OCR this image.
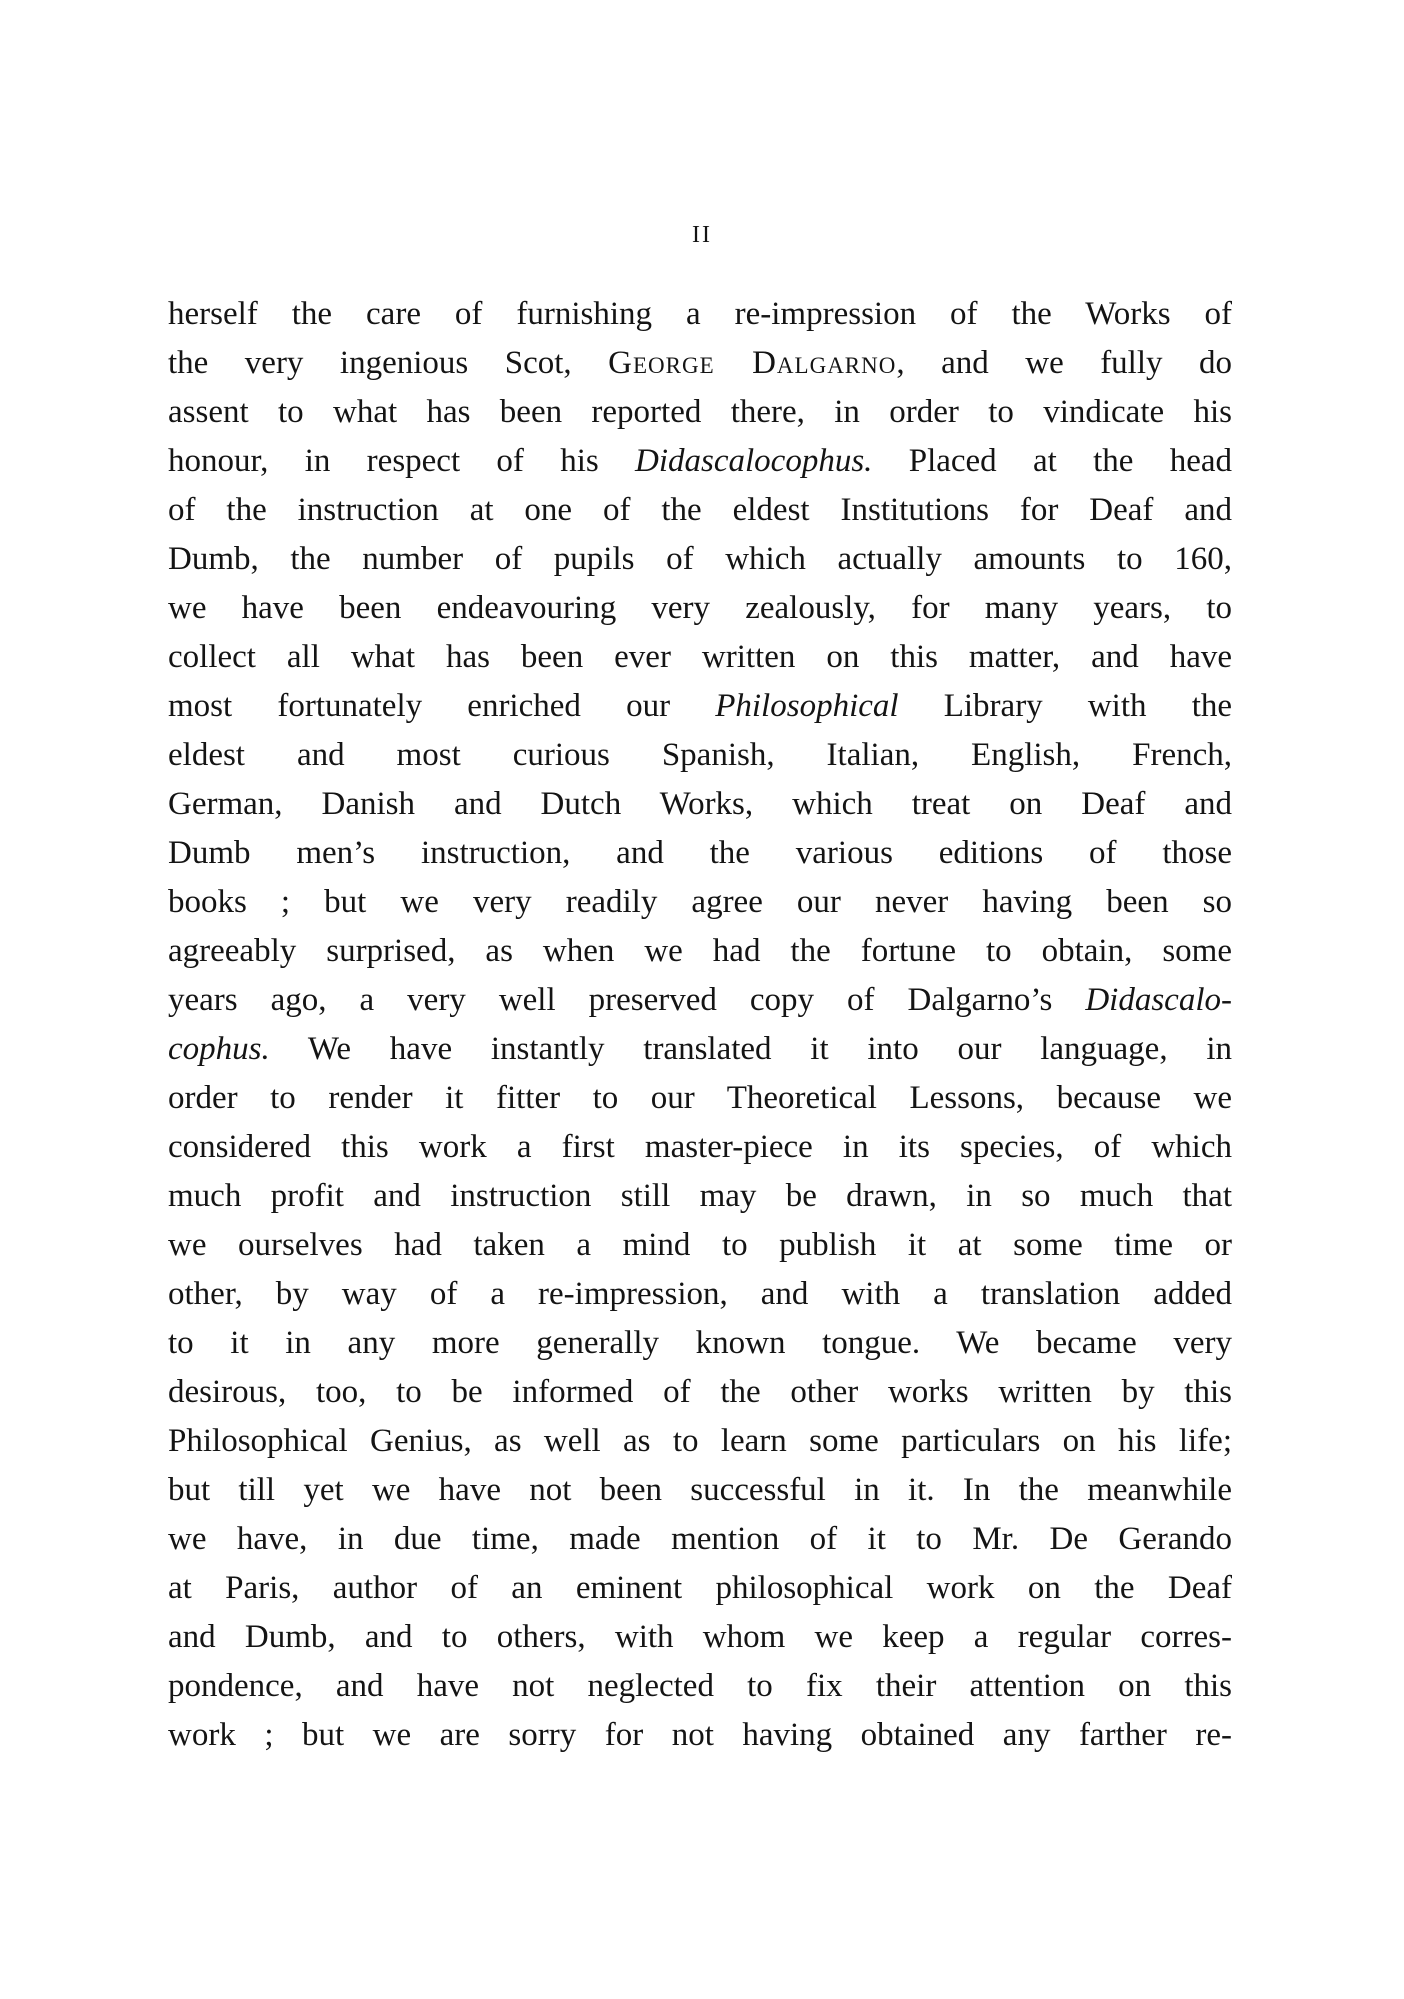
II
herself the care of furnishing a re-impression of the Works of
the very ingenious Scot, George Dalgarno, and we fully do
assent to what has been reported there, in order to vindicate his
honour, in respect of his Didascalocophus. Placed at the head
of the instruction at one of the eldest Institutions for Deaf and
Dumb, the number of pupils of which actually amounts to 160,
we have been endeavouring very zealously, for many years, to
collect all what has been ever written on this matter, and have
most fortunately enriched our Philosophical Library with the
eldest and most curious Spanish, Italian, English, French,
German, Danish and Dutch Works, which treat on Deaf and
Dumb men’s instruction, and the various editions of those
books ; but we very readily agree our never having been so
agreeably surprised, as when we had the fortune to obtain, some
years ago, a very well preserved copy of Dalgarno’s Didascalo-
cophus. We have instantly translated it into our language, in
order to render it fitter to our Theoretical Lessons, because we
considered this work a first master-piece in its species, of which
much profit and instruction still may be drawn, in so much that
we ourselves had taken a mind to publish it at some time or
other, by way of a re-impression, and with a translation added
to it in any more generally known tongue. We became very
desirous, too, to be informed of the other works written by this
Philosophical Genius, as well as to learn some particulars on his life;
but till yet we have not been successful in it. In the meanwhile
we have, in due time, made mention of it to Mr. De Gerando
at Paris, author of an eminent philosophical work on the Deaf
and Dumb, and to others, with whom we keep a regular corres-
pondence, and have not neglected to fix their attention on this
work ; but we are sorry for not having obtained any farther re-
